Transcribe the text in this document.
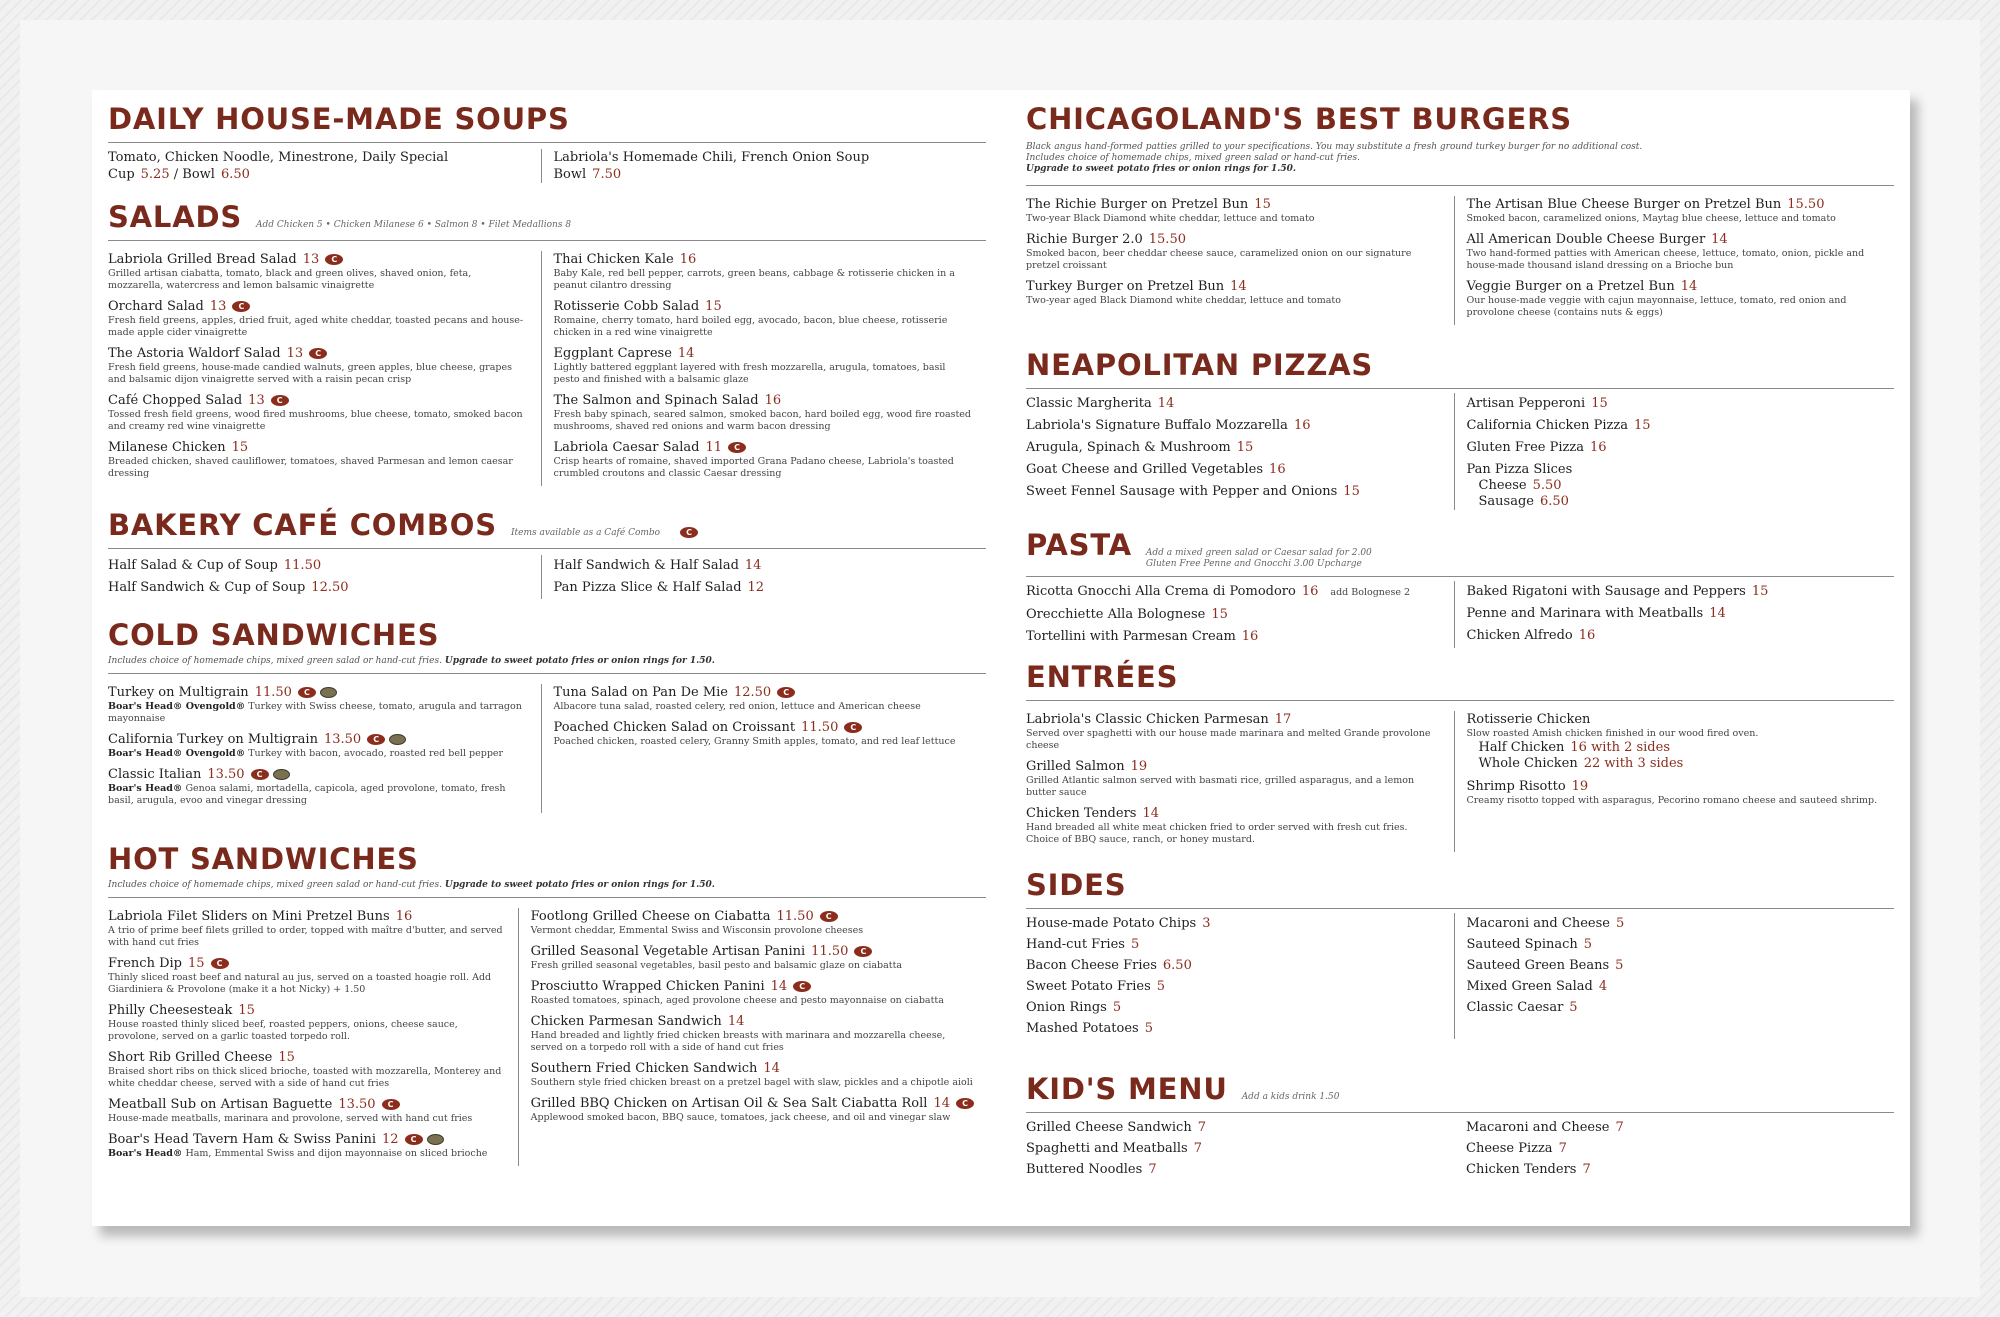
DAILY HOUSE-MADE SOUPS
Tomato, Chicken Noodle, Minestrone, Daily Special
Cup 5.25 / Bowl 6.50
Labriola's Homemade Chili, French Onion Soup
Bowl 7.50
SALADS Add Chicken 5 • Chicken Milanese 6 • Salmon 8 • Filet Medallions 8
Labriola Grilled Bread Salad 13 C
Grilled artisan ciabatta, tomato, black and green olives, shaved onion, feta, mozzarella, watercress and lemon balsamic vinaigrette
Orchard Salad 13 C
Fresh field greens, apples, dried fruit, aged white cheddar, toasted pecans and house-made apple cider vinaigrette
The Astoria Waldorf Salad 13 C
Fresh field greens, house-made candied walnuts, green apples, blue cheese, grapes and balsamic dijon vinaigrette served with a raisin pecan crisp
Café Chopped Salad 13 C
Tossed fresh field greens, wood fired mushrooms, blue cheese, tomato, smoked bacon and creamy red wine vinaigrette
Milanese Chicken 15
Breaded chicken, shaved cauliflower, tomatoes, shaved Parmesan and lemon caesar dressing
Thai Chicken Kale 16
Baby Kale, red bell pepper, carrots, green beans, cabbage & rotisserie chicken in a peanut cilantro dressing
Rotisserie Cobb Salad 15
Romaine, cherry tomato, hard boiled egg, avocado, bacon, blue cheese, rotisserie chicken in a red wine vinaigrette
Eggplant Caprese 14
Lightly battered eggplant layered with fresh mozzarella, arugula, tomatoes, basil pesto and finished with a balsamic glaze
The Salmon and Spinach Salad 16
Fresh baby spinach, seared salmon, smoked bacon, hard boiled egg, wood fire roasted mushrooms, shaved red onions and warm bacon dressing
Labriola Caesar Salad 11 C
Crisp hearts of romaine, shaved imported Grana Padano cheese, Labriola's toasted crumbled croutons and classic Caesar dressing
BAKERY CAFÉ COMBOS Items available as a Café Combo	C
Half Salad & Cup of Soup 11.50
Half Sandwich & Cup of Soup 12.50
Half Sandwich & Half Salad 14
Pan Pizza Slice & Half Salad 12
COLD SANDWICHES
Includes choice of homemade chips, mixed green salad or hand-cut fries. Upgrade to sweet potato fries or onion rings for 1.50.
Turkey on Multigrain 11.50 C
Boar's Head® Ovengold® Turkey with Swiss cheese, tomato, arugula and tarragon mayonnaise
California Turkey on Multigrain 13.50 C
Boar's Head® Ovengold® Turkey with bacon, avocado, roasted red bell pepper
Classic Italian 13.50 C
Boar's Head® Genoa salami, mortadella, capicola, aged provolone, tomato, fresh basil, arugula, evoo and vinegar dressing
Tuna Salad on Pan De Mie 12.50 C
Albacore tuna salad, roasted celery, red onion, lettuce and American cheese
Poached Chicken Salad on Croissant 11.50 C
Poached chicken, roasted celery, Granny Smith apples, tomato, and red leaf lettuce
HOT SANDWICHES
Includes choice of homemade chips, mixed green salad or hand-cut fries. Upgrade to sweet potato fries or onion rings for 1.50.
Labriola Filet Sliders on Mini Pretzel Buns 16
A trio of prime beef filets grilled to order, topped with maître d'butter, and served with hand cut fries
French Dip 15 C
Thinly sliced roast beef and natural au jus, served on a toasted hoagie roll. Add Giardiniera & Provolone (make it a hot Nicky) + 1.50
Philly Cheesesteak 15
House roasted thinly sliced beef, roasted peppers, onions, cheese sauce, provolone, served on a garlic toasted torpedo roll.
Short Rib Grilled Cheese 15
Braised short ribs on thick sliced brioche, toasted with mozzarella, Monterey and white cheddar cheese, served with a side of hand cut fries
Meatball Sub on Artisan Baguette 13.50 C
House-made meatballs, marinara and provolone, served with hand cut fries
Boar's Head Tavern Ham & Swiss Panini 12 C
Boar's Head® Ham, Emmental Swiss and dijon mayonnaise on sliced brioche
Footlong Grilled Cheese on Ciabatta 11.50 C
Vermont cheddar, Emmental Swiss and Wisconsin provolone cheeses
Grilled Seasonal Vegetable Artisan Panini 11.50 C
Fresh grilled seasonal vegetables, basil pesto and balsamic glaze on ciabatta
Prosciutto Wrapped Chicken Panini 14 C
Roasted tomatoes, spinach, aged provolone cheese and pesto mayonnaise on ciabatta
Chicken Parmesan Sandwich 14
Hand breaded and lightly fried chicken breasts with marinara and mozzarella cheese, served on a torpedo roll with a side of hand cut fries
Southern Fried Chicken Sandwich 14
Southern style fried chicken breast on a pretzel bagel with slaw, pickles and a chipotle aioli
Grilled BBQ Chicken on Artisan Oil & Sea Salt Ciabatta Roll 14 C
Applewood smoked bacon, BBQ sauce, tomatoes, jack cheese, and oil and vinegar slaw
CHICAGOLAND'S BEST BURGERS
Black angus hand-formed patties grilled to your specifications. You may substitute a fresh ground turkey burger for no additional cost.
Includes choice of homemade chips, mixed green salad or hand-cut fries.
Upgrade to sweet potato fries or onion rings for 1.50.
The Richie Burger on Pretzel Bun 15
Two-year Black Diamond white cheddar, lettuce and tomato
Richie Burger 2.0 15.50
Smoked bacon, beer cheddar cheese sauce, caramelized onion on our signature pretzel croissant
Turkey Burger on Pretzel Bun 14
Two-year aged Black Diamond white cheddar, lettuce and tomato
The Artisan Blue Cheese Burger on Pretzel Bun 15.50
Smoked bacon, caramelized onions, Maytag blue cheese, lettuce and tomato
All American Double Cheese Burger 14
Two hand-formed patties with American cheese, lettuce, tomato, onion, pickle and house-made thousand island dressing on a Brioche bun
Veggie Burger on a Pretzel Bun 14
Our house-made veggie with cajun mayonnaise, lettuce, tomato, red onion and provolone cheese (contains nuts & eggs)
NEAPOLITAN PIZZAS
Classic Margherita 14
Labriola's Signature Buffalo Mozzarella 16
Arugula, Spinach & Mushroom 15
Goat Cheese and Grilled Vegetables 16
Sweet Fennel Sausage with Pepper and Onions 15
Artisan Pepperoni 15
California Chicken Pizza 15
Gluten Free Pizza 16
Pan Pizza Slices
Cheese 5.50
Sausage 6.50
PASTA Add a mixed green salad or Caesar salad for 2.00
Gluten Free Penne and Gnocchi 3.00 Upcharge
Ricotta Gnocchi Alla Crema di Pomodoro 16 add Bolognese 2
Orecchiette Alla Bolognese 15
Tortellini with Parmesan Cream 16
Baked Rigatoni with Sausage and Peppers 15
Penne and Marinara with Meatballs 14
Chicken Alfredo 16
ENTRÉES
Labriola's Classic Chicken Parmesan 17
Served over spaghetti with our house made marinara and melted Grande provolone cheese
Grilled Salmon 19
Grilled Atlantic salmon served with basmati rice, grilled asparagus, and a lemon butter sauce
Chicken Tenders 14
Hand breaded all white meat chicken fried to order served with fresh cut fries. Choice of BBQ sauce, ranch, or honey mustard.
Rotisserie Chicken
Slow roasted Amish chicken finished in our wood fired oven.
Half Chicken 16 with 2 sides
Whole Chicken 22 with 3 sides
Shrimp Risotto 19
Creamy risotto topped with asparagus, Pecorino romano cheese and sauteed shrimp.
SIDES
House-made Potato Chips 3
Hand-cut Fries 5
Bacon Cheese Fries 6.50
Sweet Potato Fries 5
Onion Rings 5
Mashed Potatoes 5
Macaroni and Cheese 5
Sauteed Spinach 5
Sauteed Green Beans 5
Mixed Green Salad 4
Classic Caesar 5
KID'S MENU Add a kids drink 1.50
Grilled Cheese Sandwich 7
Spaghetti and Meatballs 7
Buttered Noodles 7
Macaroni and Cheese 7
Cheese Pizza 7
Chicken Tenders 7
